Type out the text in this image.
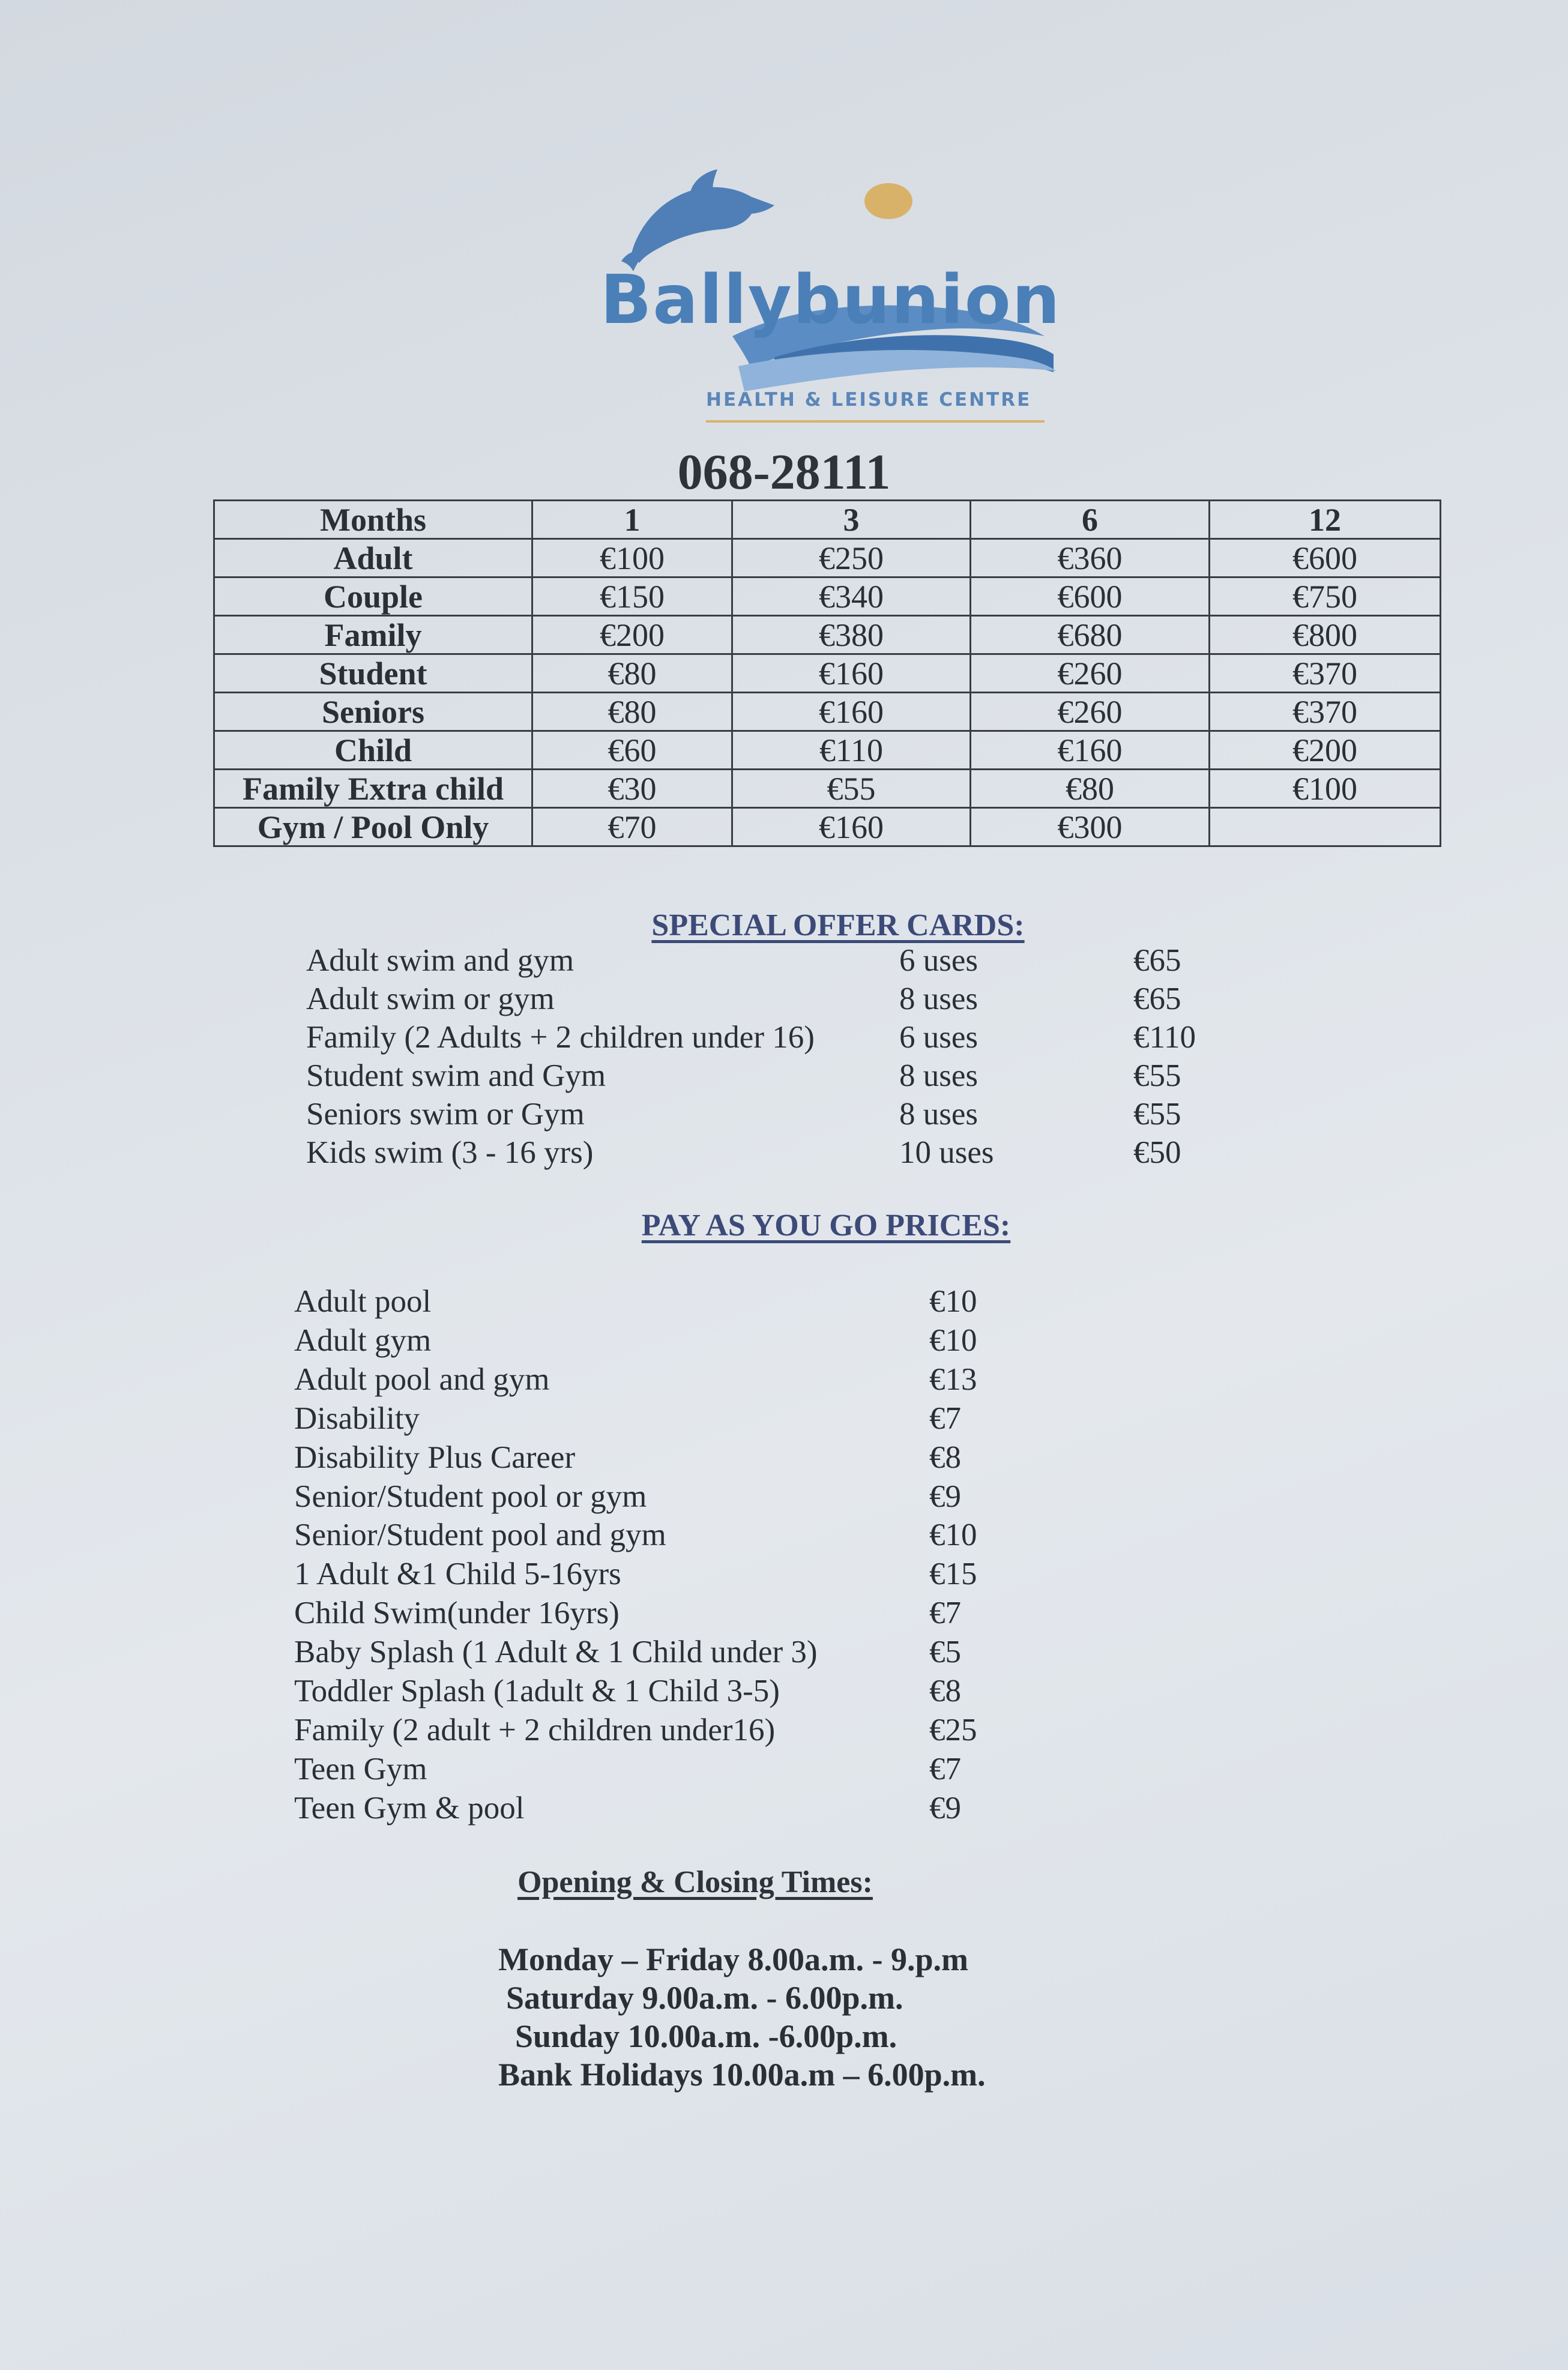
Ballybunion
HEALTH & LEISURE CENTRE
068-28111
Months	1	3	6	12
Adult	€100	€250	€360	€600
Couple	€150	€340	€600	€750
Family	€200	€380	€680	€800
Student	€80	€160	€260	€370
Seniors	€80	€160	€260	€370
Child	€60	€110	€160	€200
Family Extra child	€30	€55	€80	€100
Gym / Pool Only	€70	€160	€300	
SPECIAL OFFER CARDS:
Adult swim and gym	6 uses	€65
Adult swim or gym	8 uses	€65
Family (2 Adults + 2 children under 16)	6 uses	€110
Student swim and Gym	8 uses	€55
Seniors swim or Gym	8 uses	€55
Kids swim (3 - 16 yrs)	10 uses	€50
PAY AS YOU GO PRICES:
Adult pool	€10
Adult gym	€10
Adult pool and gym	€13
Disability	€7
Disability Plus Career	€8
Senior/Student pool or gym	€9
Senior/Student pool and gym	€10
1 Adult &1 Child 5-16yrs	€15
Child Swim(under 16yrs)	€7
Baby Splash (1 Adult & 1 Child under 3)	€5
Toddler Splash (1adult & 1 Child 3-5)	€8
Family (2 adult + 2 children under16)	€25
Teen Gym	€7
Teen Gym & pool	€9
Opening & Closing Times:
Monday – Friday 8.00a.m. - 9.p.m
Saturday 9.00a.m. - 6.00p.m.
Sunday 10.00a.m. -6.00p.m.
Bank Holidays 10.00a.m – 6.00p.m.
